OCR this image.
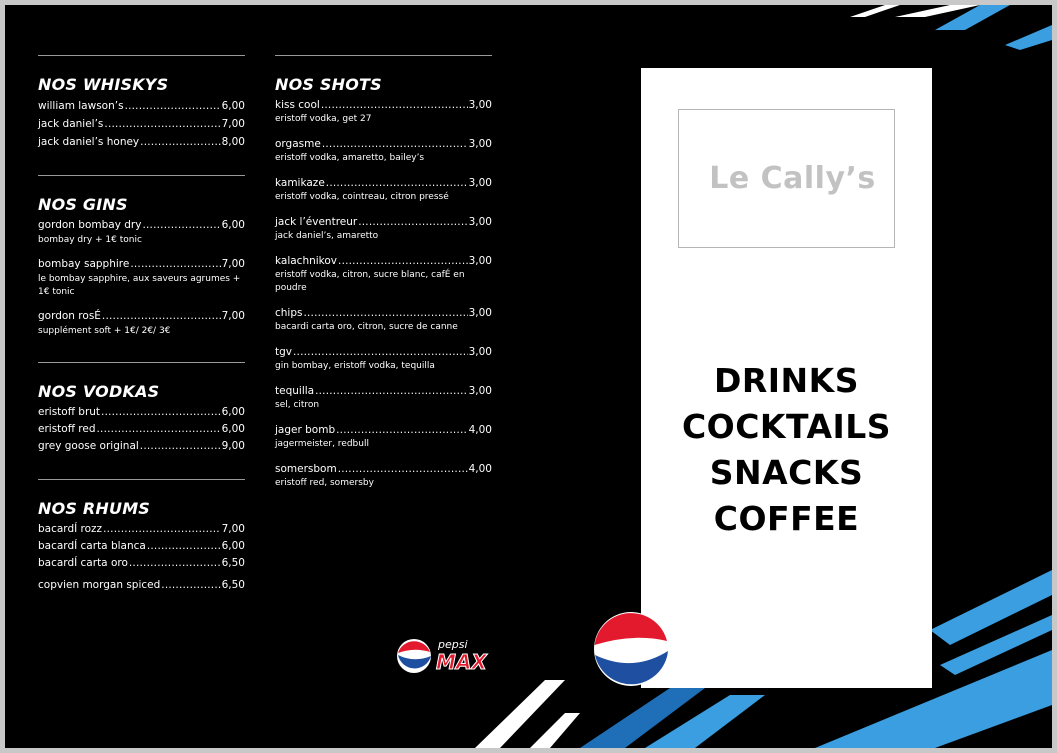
NOS WHISKYS
william lawson’s .....	6,00
jack daniel’s .....	7,00
jack daniel’s honey .....	8,00
NOS GINS
gordon bombay dry .....	6,00
bombay dry + 1€ tonic
bombay sapphire .....	7,00
le bombay sapphire, aux saveurs agrumes + 1€ tonic
gordon rosÉ .....	7,00
supplément soft + 1€/ 2€/ 3€
NOS VODKAS
eristoff brut .....	6,00
eristoff red .....	6,00
grey goose original .....	9,00
NOS RHUMS
bacardÍ rozz .....	7,00
bacardÍ carta blanca .....	6,00
bacardÍ carta oro .....	6,50
copvien morgan spiced .....	6,50
NOS SHOTS
kiss cool .....	3,00
eristoff vodka, get 27
orgasme .....	3,00
eristoff vodka, amaretto, bailey’s
kamikaze .....	3,00
eristoff vodka, cointreau, citron pressé
jack l’éventreur .....	3,00
jack daniel’s, amaretto
kalachnikov .....	3,00
eristoff vodka, citron, sucre blanc, cafÉ en poudre
chips .....	3,00
bacardi carta oro, citron, sucre de canne
tgv .....	3,00
gin bombay, eristoff vodka, tequilla
tequilla .....	3,00
sel, citron
jager bomb .....	4,00
jagermeister, redbull
somersbom .....	4,00
eristoff red, somersby
Le Cally’s
DRINKS
COCKTAILS
SNACKS
COFFEE
pepsi
MAX
